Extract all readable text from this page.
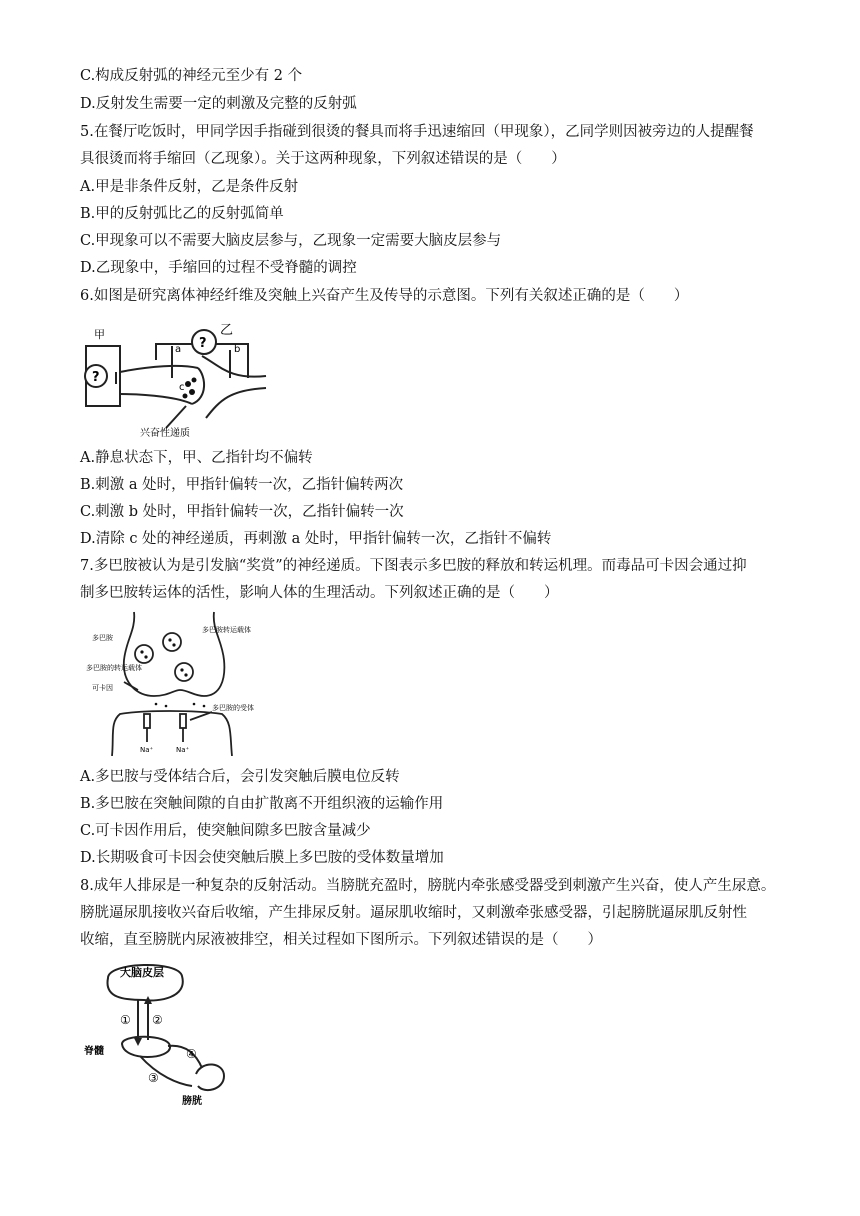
C.构成反射弧的神经元至少有 2 个
D.反射发生需要一定的刺激及完整的反射弧
5.在餐厅吃饭时，甲同学因手指碰到很烫的餐具而将手迅速缩回（甲现象），乙同学则因被旁边的人提醒餐
具很烫而将手缩回（乙现象）。关于这两种现象，下列叙述错误的是（　　）
A.甲是非条件反射，乙是条件反射
B.甲的反射弧比乙的反射弧简单
C.甲现象可以不需要大脑皮层参与，乙现象一定需要大脑皮层参与
D.乙现象中，手缩回的过程不受脊髓的调控
6.如图是研究离体神经纤维及突触上兴奋产生及传导的示意图。下列有关叙述正确的是（　　）
甲
?
?
乙
a	b
c
兴奋性递质
A.静息状态下，甲、乙指针均不偏转
B.刺激 a 处时，甲指针偏转一次，乙指针偏转两次
C.刺激 b 处时，甲指针偏转一次，乙指针偏转一次
D.清除 c 处的神经递质，再刺激 a 处时，甲指针偏转一次，乙指针不偏转
7.多巴胺被认为是引发脑“奖赏”的神经递质。下图表示多巴胺的释放和转运机理。而毒品可卡因会通过抑
制多巴胺转运体的活性，影响人体的生理活动。下列叙述正确的是（　　）
多巴胺
多巴胺转运载体
多巴胺的转运载体
可卡因
多巴胺的受体
Na⁺	Na⁺
A.多巴胺与受体结合后，会引发突触后膜电位反转
B.多巴胺在突触间隙的自由扩散离不开组织液的运输作用
C.可卡因作用后，使突触间隙多巴胺含量减少
D.长期吸食可卡因会使突触后膜上多巴胺的受体数量增加
8.成年人排尿是一种复杂的反射活动。当膀胱充盈时，膀胱内牵张感受器受到刺激产生兴奋，使人产生尿意。
膀胱逼尿肌接收兴奋后收缩，产生排尿反射。逼尿肌收缩时，又刺激牵张感受器，引起膀胱逼尿肌反射性
收缩，直至膀胱内尿液被排空，相关过程如下图所示。下列叙述错误的是（　　）
大脑皮层
脊髓
膀胱
① ②
③
④
